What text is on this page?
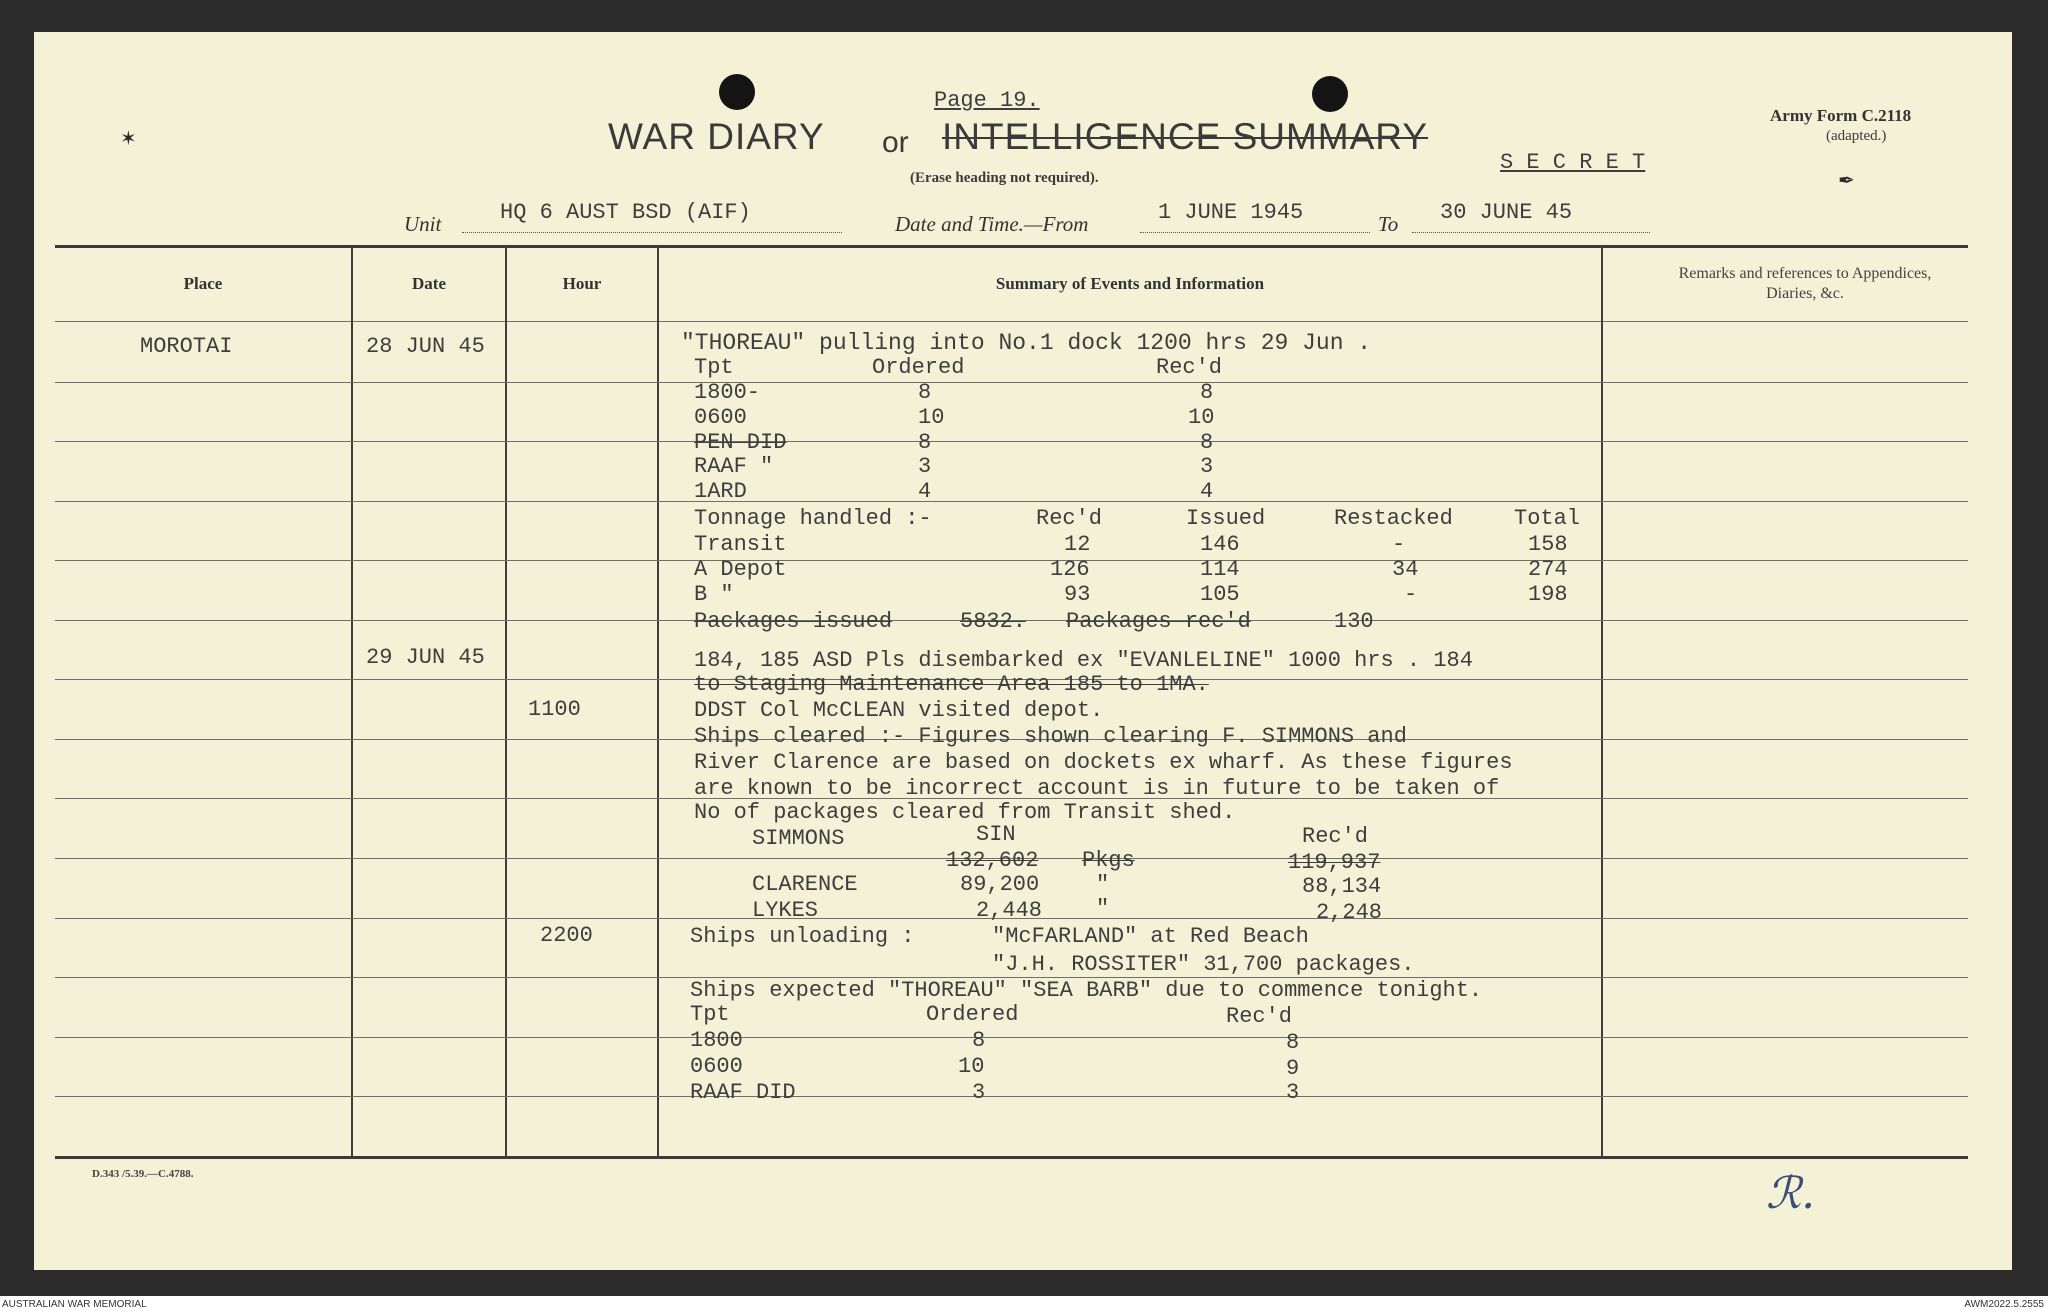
Page 19.
WAR DIARY or INTELLIGENCE SUMMARY
(Erase heading not required).
Army Form C.2118
(adapted.)
S E C R E T
Unit	HQ 6 AUST BSD (AIF)	Date and Time.—From	1 JUNE 1945	To 30 JUNE 45
Place	Date	Hour	Summary of Events and Information
Remarks and references to Appendices, Diaries, &c.
MOROTAI	28 JUN 45
29 JUN 45
1100
2200
"THOREAU" pulling into No.1 dock 1200 hrs 29 Jun .
Tpt	Ordered	Rec'd
1800-	8	8
0600	10	10
PEN DID	8	8
RAAF "	3	3
1ARD	4	4
Tonnage handled :-	Rec'd	Issued	Restacked	Total
Transit	12	146	-	158
A Depot	126	114	34	274
B "	93	105	-	198
Packages issued	5832. Packages rec'd	130
184, 185 ASD Pls disembarked ex "EVANLELINE" 1000 hrs . 184
to Staging Maintenance Area 185 to 1MA.
DDST Col McCLEAN visited depot.
Ships cleared :- Figures shown clearing F. SIMMONS and
River Clarence are based on dockets ex wharf. As these figures
are known to be incorrect account is in future to be taken of
No of packages cleared from Transit shed.
SIN	Rec'd
SIMMONS
132,602 Pkgs	119,937
CLARENCE	89,200	"	88,134
LYKES	2,448 "	2,248
Ships unloading :	"McFARLAND" at Red Beach
"J.H. ROSSITER" 31,700 packages.
Ships expected "THOREAU" "SEA BARB" due to commence tonight.
Tpt	Ordered	Rec'd
1800	8	8
0600	10	9
RAAF DID	3	3
D.343 /5.39.—C.4788.	ℛ.
✶
✒
AUSTRALIAN WAR MEMORIAL	AWM2022.5.2555
